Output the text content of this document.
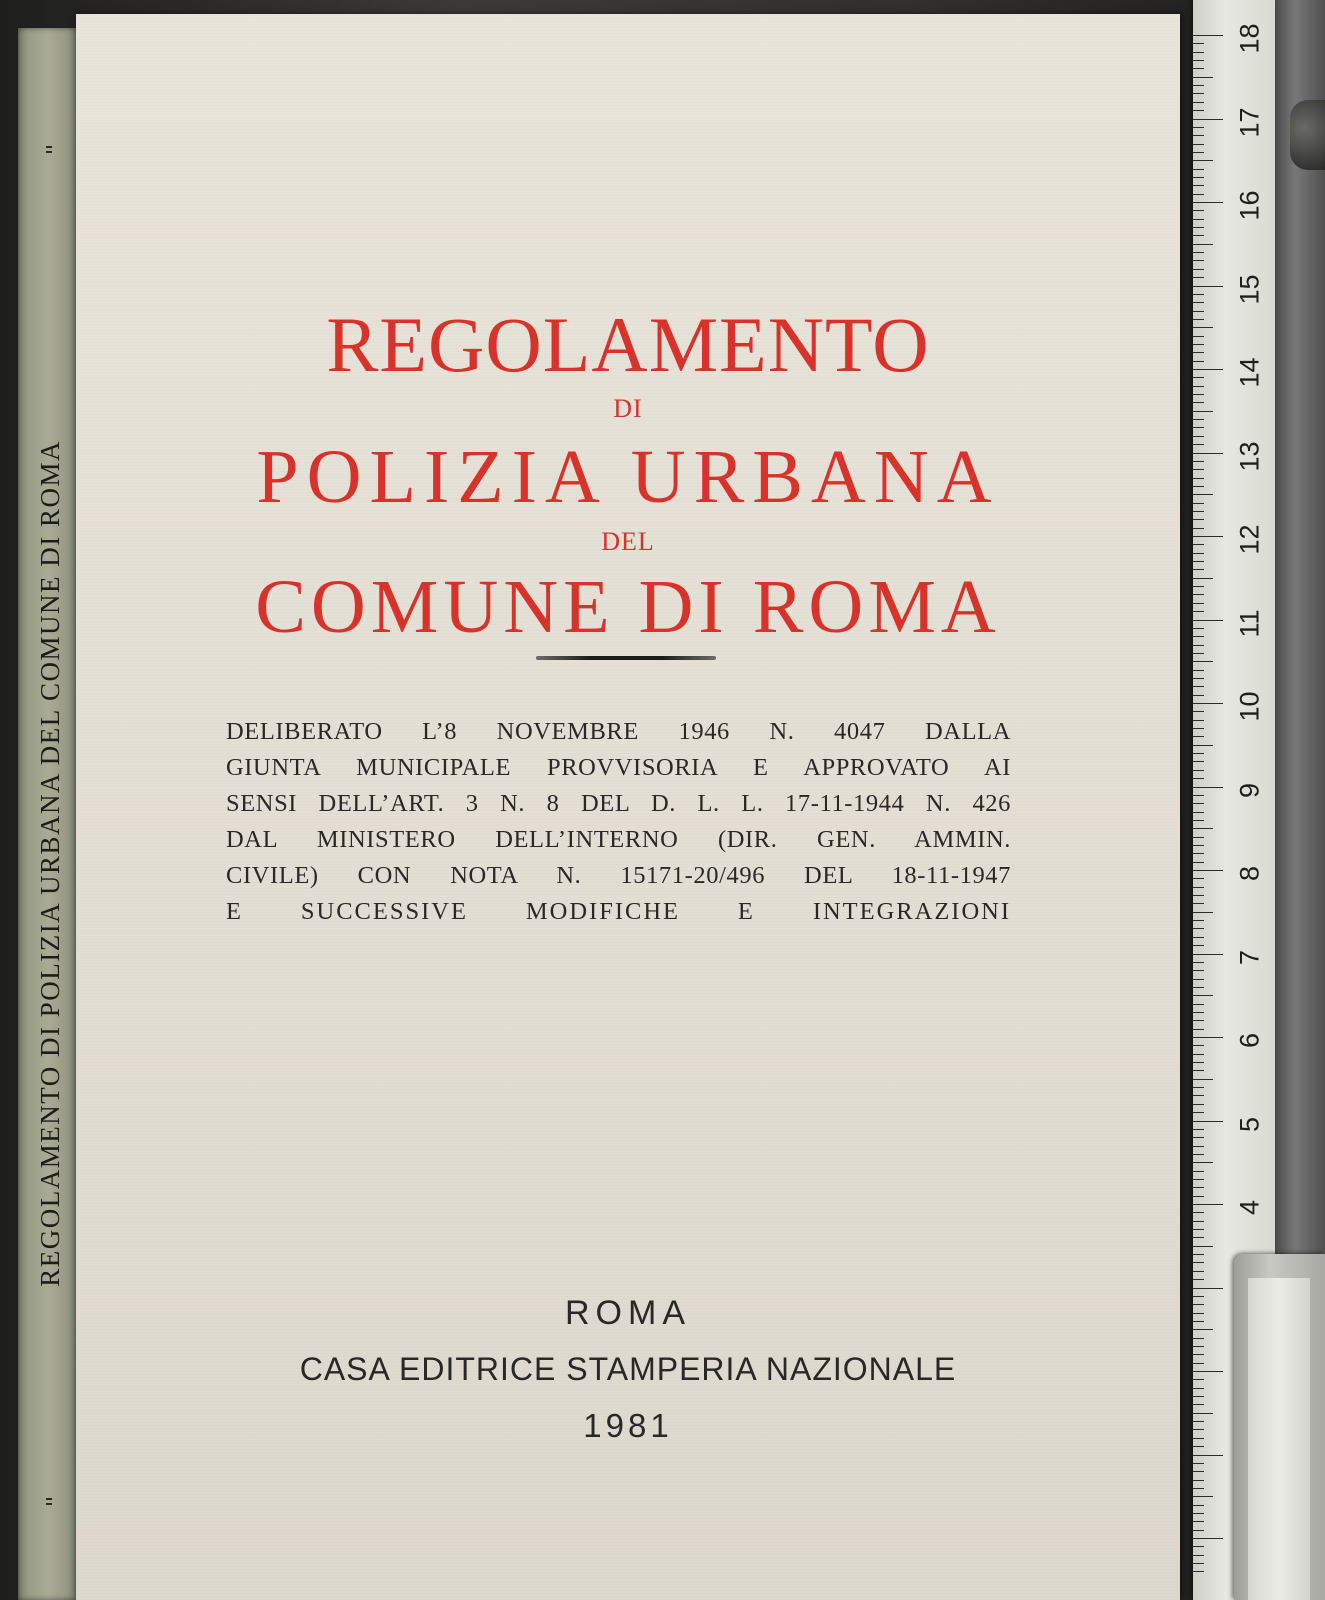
REGOLAMENTO DI POLIZIA URBANA DEL COMUNE DI ROMA
REGOLAMENTO
DI
POLIZIA URBANA
DEL
COMUNE DI ROMA
DELIBERATO L’8 NOVEMBRE 1946 N. 4047 DALLA
GIUNTA MUNICIPALE PROVVISORIA E APPROVATO AI
SENSI DELL’ART. 3 N. 8 DEL D. L. L. 17-11-1944 N. 426
DAL MINISTERO DELL’INTERNO (DIR. GEN. AMMIN.
CIVILE) CON NOTA N. 15171-20/496 DEL 18-11-1947
E SUCCESSIVE MODIFICHE E INTEGRAZIONI
ROMA
CASA EDITRICE STAMPERIA NAZIONALE
1981
18
17
16
15
14
13
12
11
10
9
8
7
6
5
4
